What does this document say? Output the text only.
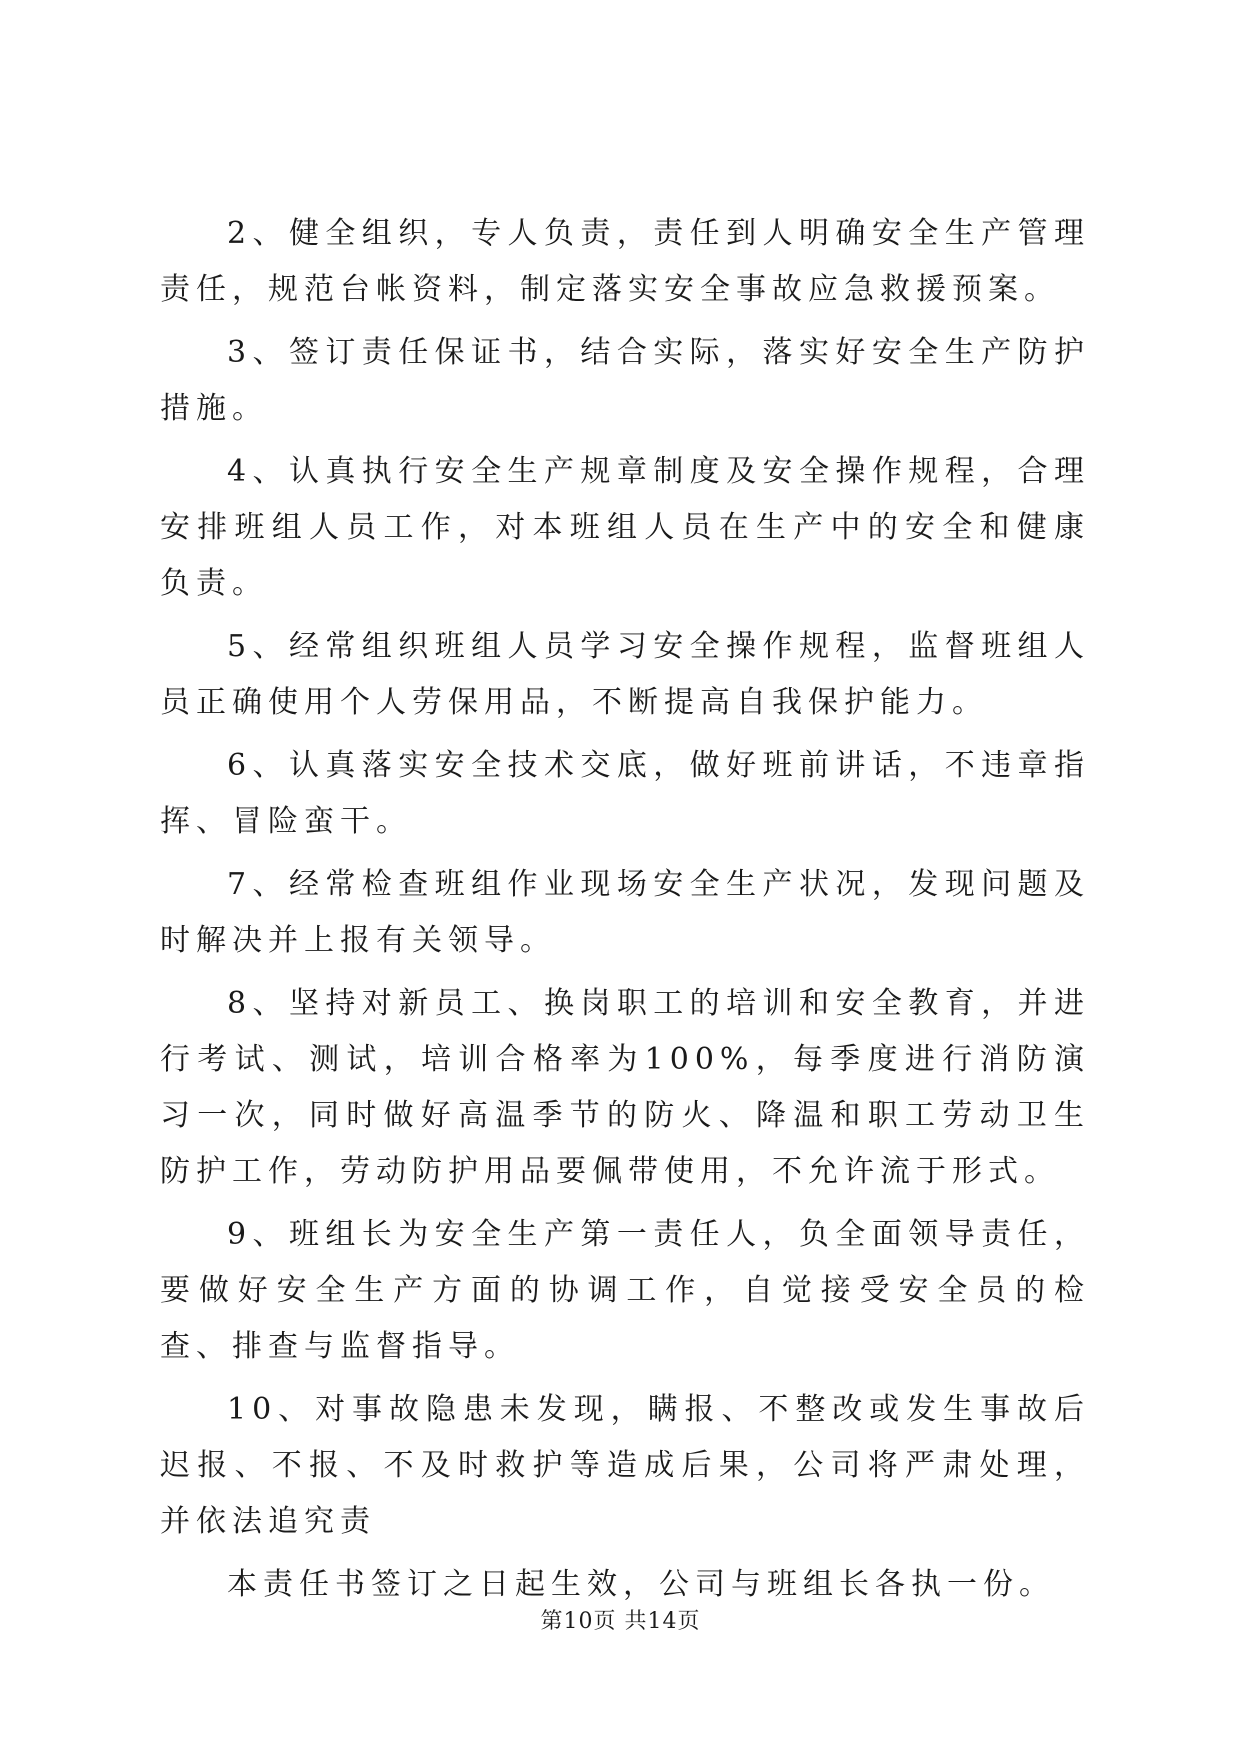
2、健全组织，专人负责，责任到人明确安全生产管理责任，规范台帐资料，制定落实安全事故应急救援预案。

3、签订责任保证书，结合实际，落实好安全生产防护措施。

4、认真执行安全生产规章制度及安全操作规程，合理安排班组人员工作，对本班组人员在生产中的安全和健康负责。

5、经常组织班组人员学习安全操作规程，监督班组人员正确使用个人劳保用品，不断提高自我保护能力。

6、认真落实安全技术交底，做好班前讲话，不违章指挥、冒险蛮干。

7、经常检查班组作业现场安全生产状况，发现问题及时解决并上报有关领导。

8、坚持对新员工、换岗职工的培训和安全教育，并进行考试、测试，培训合格率为100%，每季度进行消防演习一次，同时做好高温季节的防火、降温和职工劳动卫生防护工作，劳动防护用品要佩带使用，不允许流于形式。

9、班组长为安全生产第一责任人，负全面领导责任，要做好安全生产方面的协调工作，自觉接受安全员的检查、排查与监督指导。

10、对事故隐患未发现，瞒报、不整改或发生事故后迟报、不报、不及时救护等造成后果，公司将严肃处理，并依法追究责

本责任书签订之日起生效，公司与班组长各执一份。

第10页 共14页
